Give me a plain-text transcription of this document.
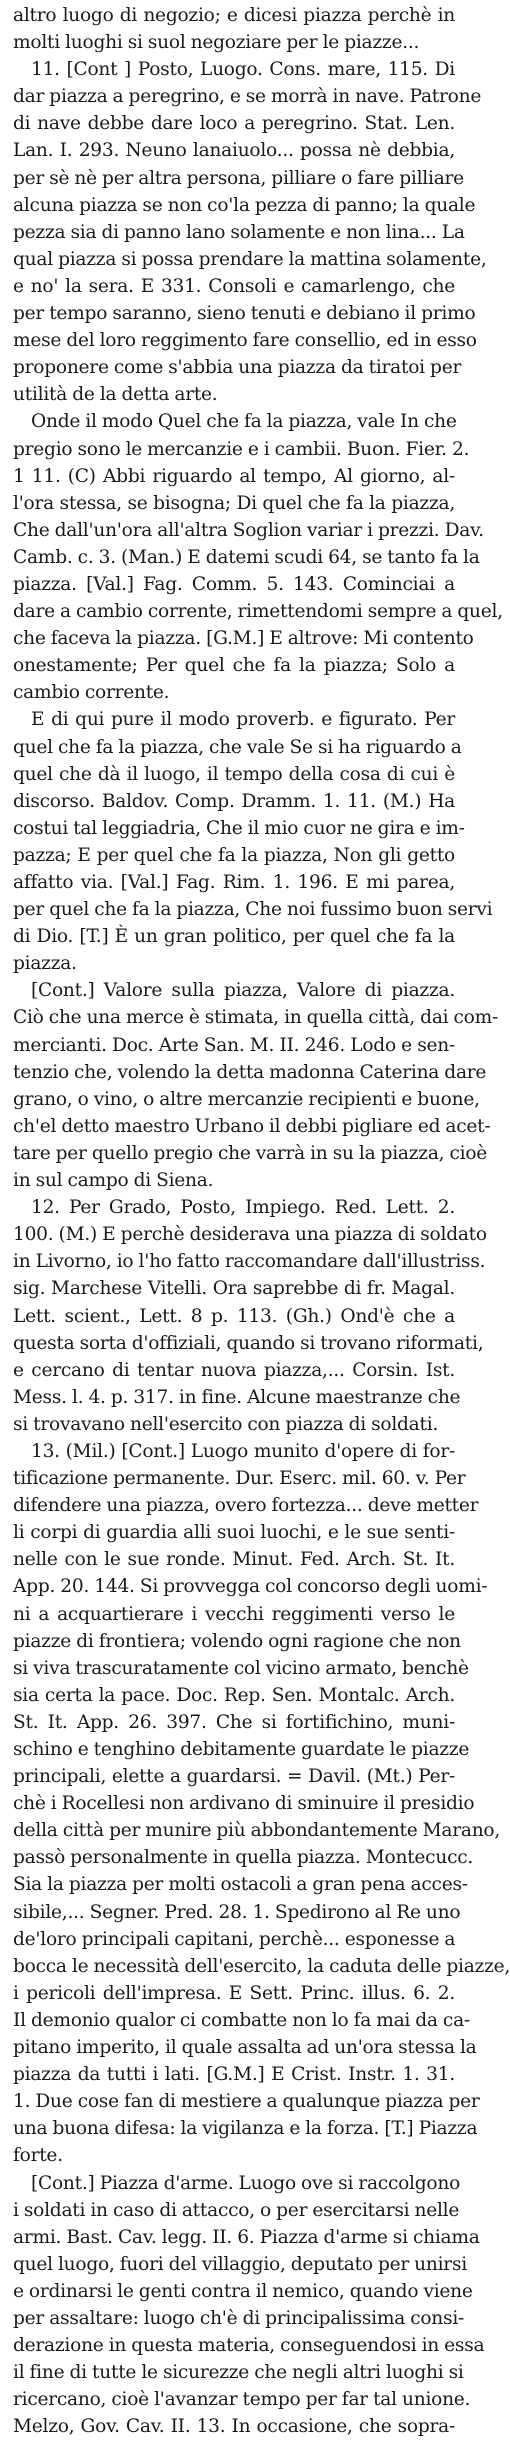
altro luogo di negozio; e dicesi piazza perchè in
molti luoghi si suol negoziare per le piazze...
11. [Cont ] Posto, Luogo. Cons. mare, 115. Di
dar piazza a peregrino, e se morrà in nave. Patrone
di nave debbe dare loco a peregrino. Stat. Len.
Lan. I. 293. Neuno lanaiuolo... possa nè debbia,
per sè nè per altra persona, pilliare o fare pilliare
alcuna piazza se non co'la pezza di panno; la quale
pezza sia di panno lano solamente e non lina... La
qual piazza si possa prendare la mattina solamente,
e no' la sera. E 331. Consoli e camarlengo, che
per tempo saranno, sieno tenuti e debiano il primo
mese del loro reggimento fare consellio, ed in esso
proponere come s'abbia una piazza da tiratoi per
utilità de la detta arte.
Onde il modo Quel che fa la piazza, vale In che
pregio sono le mercanzie e i cambii. Buon. Fier. 2.
1 11. (C) Abbi riguardo al tempo, Al giorno, al-
l'ora stessa, se bisogna; Di quel che fa la piazza,
Che dall'un'ora all'altra Soglion variar i prezzi. Dav.
Camb. c. 3. (Man.) E datemi scudi 64, se tanto fa la
piazza. [Val.] Fag. Comm. 5. 143. Cominciai a
dare a cambio corrente, rimettendomi sempre a quel,
che faceva la piazza. [G.M.] E altrove: Mi contento
onestamente; Per quel che fa la piazza; Solo a
cambio corrente.
E di qui pure il modo proverb. e figurato. Per
quel che fa la piazza, che vale Se si ha riguardo a
quel che dà il luogo, il tempo della cosa di cui è
discorso. Baldov. Comp. Dramm. 1. 11. (M.) Ha
costui tal leggiadria, Che il mio cuor ne gira e im-
pazza; E per quel che fa la piazza, Non gli getto
affatto via. [Val.] Fag. Rim. 1. 196. E mi parea,
per quel che fa la piazza, Che noi fussimo buon servi
di Dio. [T.] È un gran politico, per quel che fa la
piazza.
[Cont.] Valore sulla piazza, Valore di piazza.
Ciò che una merce è stimata, in quella città, dai com-
mercianti. Doc. Arte San. M. II. 246. Lodo e sen-
tenzio che, volendo la detta madonna Caterina dare
grano, o vino, o altre mercanzie recipienti e buone,
ch'el detto maestro Urbano il debbi pigliare ed acet-
tare per quello pregio che varrà in su la piazza, cioè
in sul campo di Siena.
12. Per Grado, Posto, Impiego. Red. Lett. 2.
100. (M.) E perchè desiderava una piazza di soldato
in Livorno, io l'ho fatto raccomandare dall'illustriss.
sig. Marchese Vitelli. Ora saprebbe di fr. Magal.
Lett. scient., Lett. 8 p. 113. (Gh.) Ond'è che a
questa sorta d'offiziali, quando si trovano riformati,
e cercano di tentar nuova piazza,... Corsin. Ist.
Mess. l. 4. p. 317. in fine. Alcune maestranze che
si trovavano nell'esercito con piazza di soldati.
13. (Mil.) [Cont.] Luogo munito d'opere di for-
tificazione permanente. Dur. Eserc. mil. 60. v. Per
difendere una piazza, overo fortezza... deve metter
li corpi di guardia alli suoi luochi, e le sue senti-
nelle con le sue ronde. Minut. Fed. Arch. St. It.
App. 20. 144. Si provvegga col concorso degli uomi-
ni a acquartierare i vecchi reggimenti verso le
piazze di frontiera; volendo ogni ragione che non
si viva trascuratamente col vicino armato, benchè
sia certa la pace. Doc. Rep. Sen. Montalc. Arch.
St. It. App. 26. 397. Che si fortifichino, muni-
schino e tenghino debitamente guardate le piazze
principali, elette a guardarsi. = Davil. (Mt.) Per-
chè i Rocellesi non ardivano di sminuire il presidio
della città per munire più abbondantemente Marano,
passò personalmente in quella piazza. Montecucc.
Sia la piazza per molti ostacoli a gran pena acces-
sibile,... Segner. Pred. 28. 1. Spedirono al Re uno
de'loro principali capitani, perchè... esponesse a
bocca le necessità dell'esercito, la caduta delle piazze,
i pericoli dell'impresa. E Sett. Princ. illus. 6. 2.
Il demonio qualor ci combatte non lo fa mai da ca-
pitano imperito, il quale assalta ad un'ora stessa la
piazza da tutti i lati. [G.M.] E Crist. Instr. 1. 31.
1. Due cose fan di mestiere a qualunque piazza per
una buona difesa: la vigilanza e la forza. [T.] Piazza
forte.
[Cont.] Piazza d'arme. Luogo ove si raccolgono
i soldati in caso di attacco, o per esercitarsi nelle
armi. Bast. Cav. legg. II. 6. Piazza d'arme si chiama
quel luogo, fuori del villaggio, deputato per unirsi
e ordinarsi le genti contra il nemico, quando viene
per assaltare: luogo ch'è di principalissima consi-
derazione in questa materia, conseguendosi in essa
il fine di tutte le sicurezze che negli altri luoghi si
ricercano, cioè l'avanzar tempo per far tal unione.
Melzo, Gov. Cav. II. 13. In occasione, che sopra-
